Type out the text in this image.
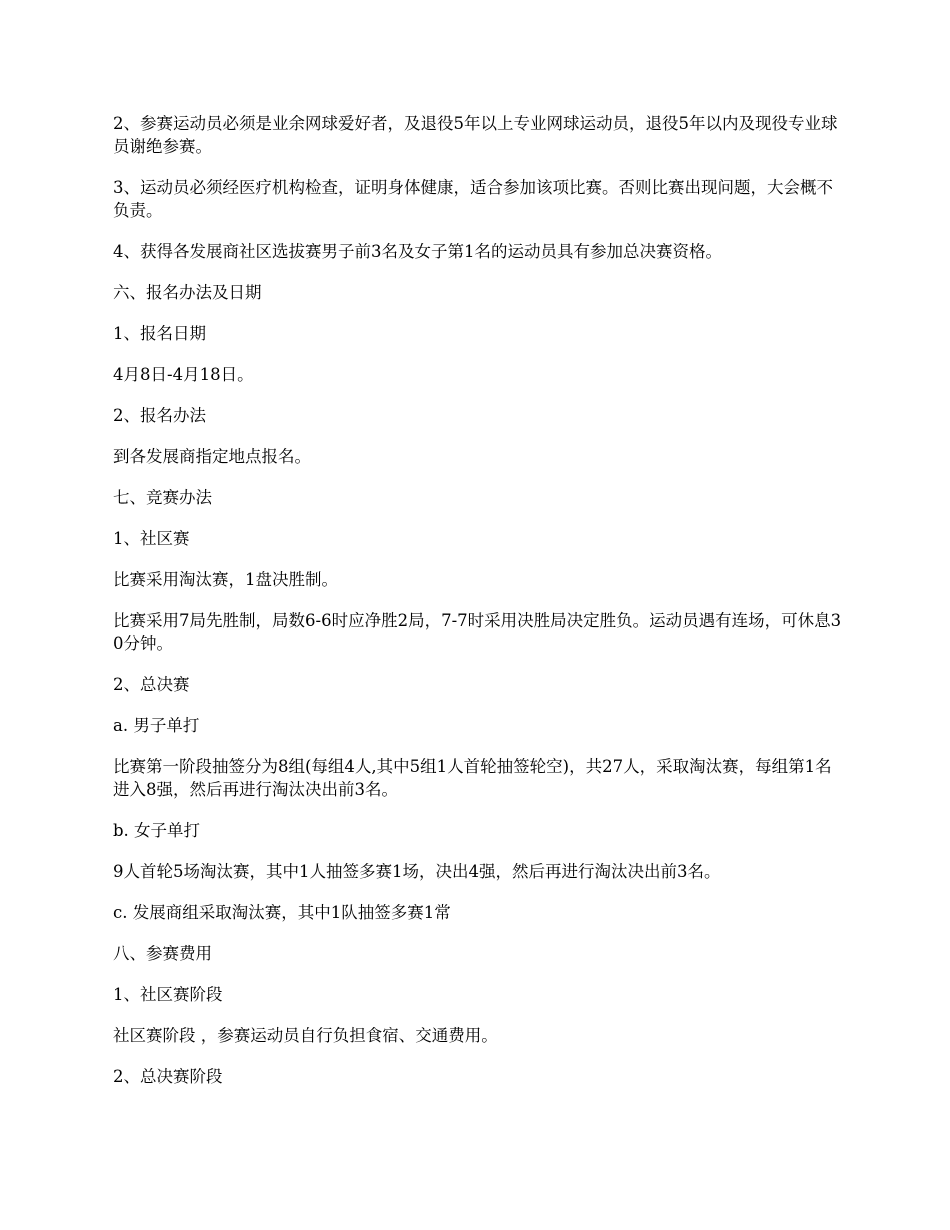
2、参赛运动员必须是业余网球爱好者，及退役5年以上专业网球运动员，退役5年以内及现役专业球员谢绝参赛。

3、运动员必须经医疗机构检查，证明身体健康，适合参加该项比赛。否则比赛出现问题，大会概不负责。

4、获得各发展商社区选拔赛男子前3名及女子第1名的运动员具有参加总决赛资格。

六、报名办法及日期

1、报名日期

4月8日-4月18日。

2、报名办法

到各发展商指定地点报名。

七、竞赛办法

1、社区赛

比赛采用淘汰赛，1盘决胜制。

比赛采用7局先胜制，局数6-6时应净胜2局，7-7时采用决胜局决定胜负。运动员遇有连场，可休息30分钟。

2、总决赛

a. 男子单打

比赛第一阶段抽签分为8组(每组4人,其中5组1人首轮抽签轮空)，共27人，采取淘汰赛，每组第1名进入8强，然后再进行淘汰决出前3名。

b. 女子单打

9人首轮5场淘汰赛，其中1人抽签多赛1场，决出4强，然后再进行淘汰决出前3名。

c. 发展商组采取淘汰赛，其中1队抽签多赛1常

八、参赛费用

1、社区赛阶段

社区赛阶段 ，参赛运动员自行负担食宿、交通费用。

2、总决赛阶段
